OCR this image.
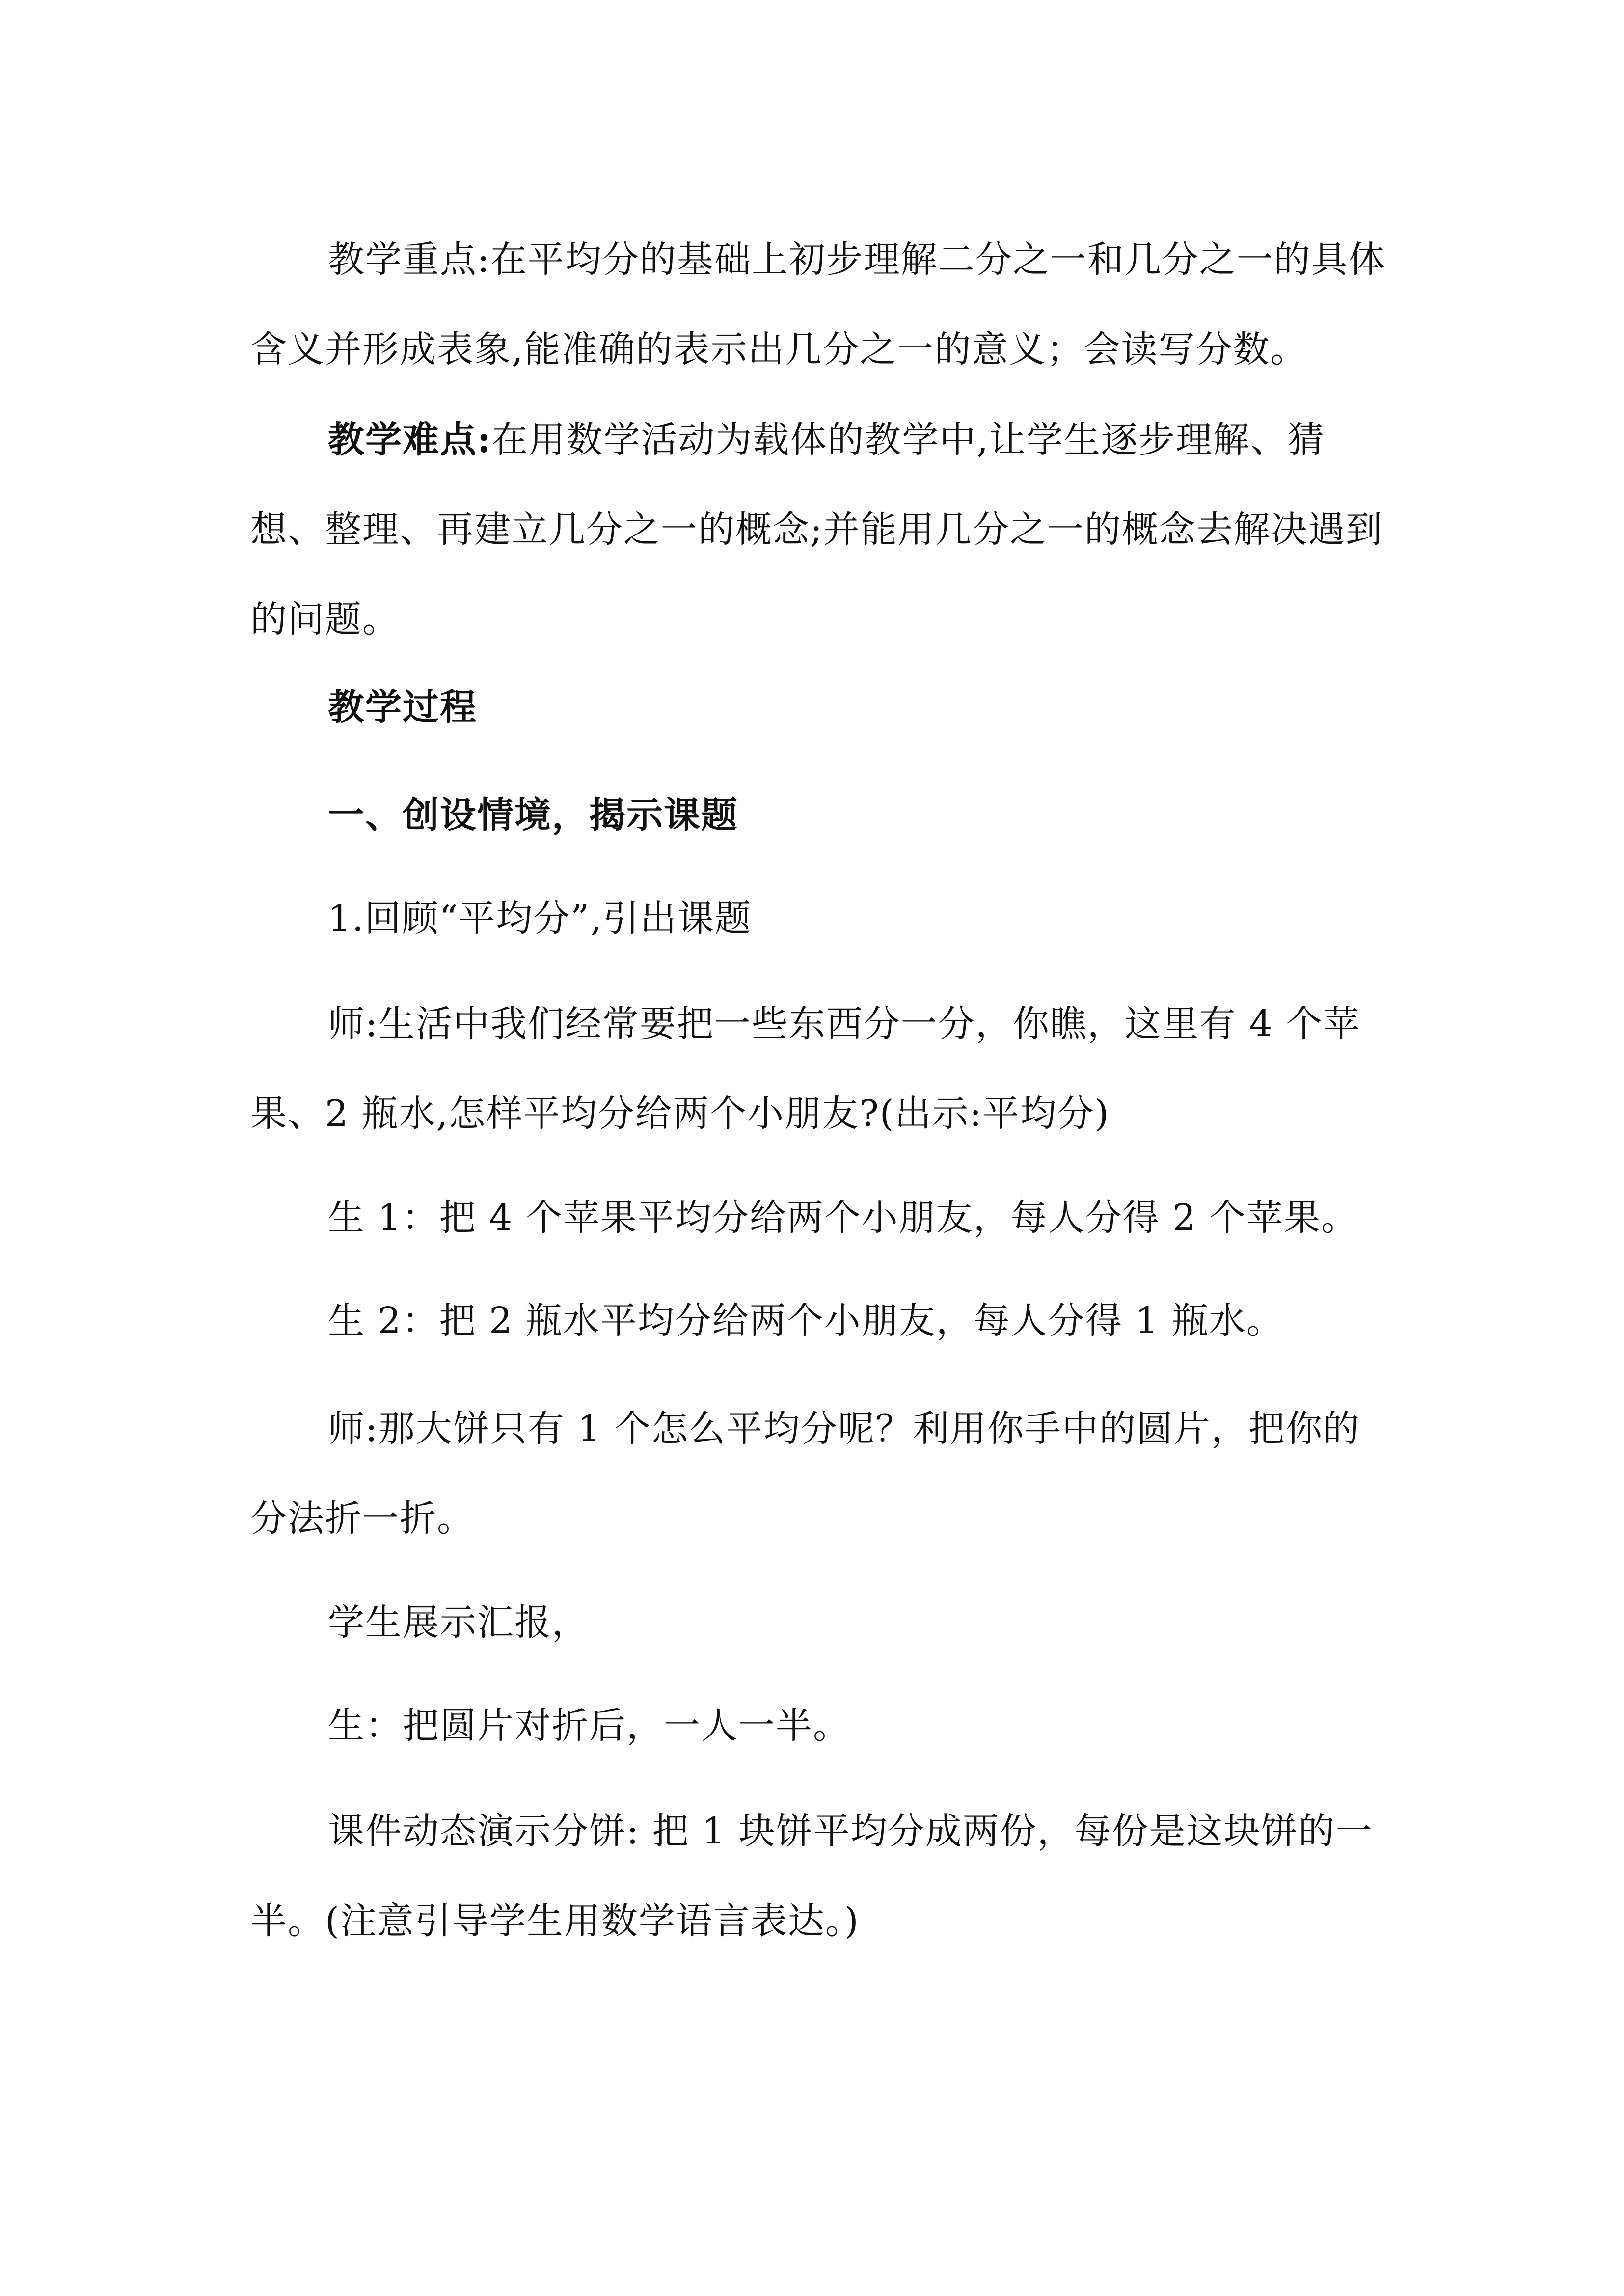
教学重点:在平均分的基础上初步理解二分之一和几分之一的具体含义并形成表象,能准确的表示出几分之一的意义；会读写分数。

教学难点:在用数学活动为载体的教学中,让学生逐步理解、猜想、整理、再建立几分之一的概念;并能用几分之一的概念去解决遇到的问题。

教学过程

一、创设情境，揭示课题

1.回顾“平均分”,引出课题

师:生活中我们经常要把一些东西分一分，你瞧，这里有 4 个苹果、2 瓶水,怎样平均分给两个小朋友?(出示:平均分)

生 1：把 4 个苹果平均分给两个小朋友，每人分得 2 个苹果。

生 2：把 2 瓶水平均分给两个小朋友，每人分得 1 瓶水。

师:那大饼只有 1 个怎么平均分呢？利用你手中的圆片，把你的分法折一折。

学生展示汇报，

生：把圆片对折后，一人一半。

课件动态演示分饼: 把 1 块饼平均分成两份，每份是这块饼的一半。(注意引导学生用数学语言表达。)
